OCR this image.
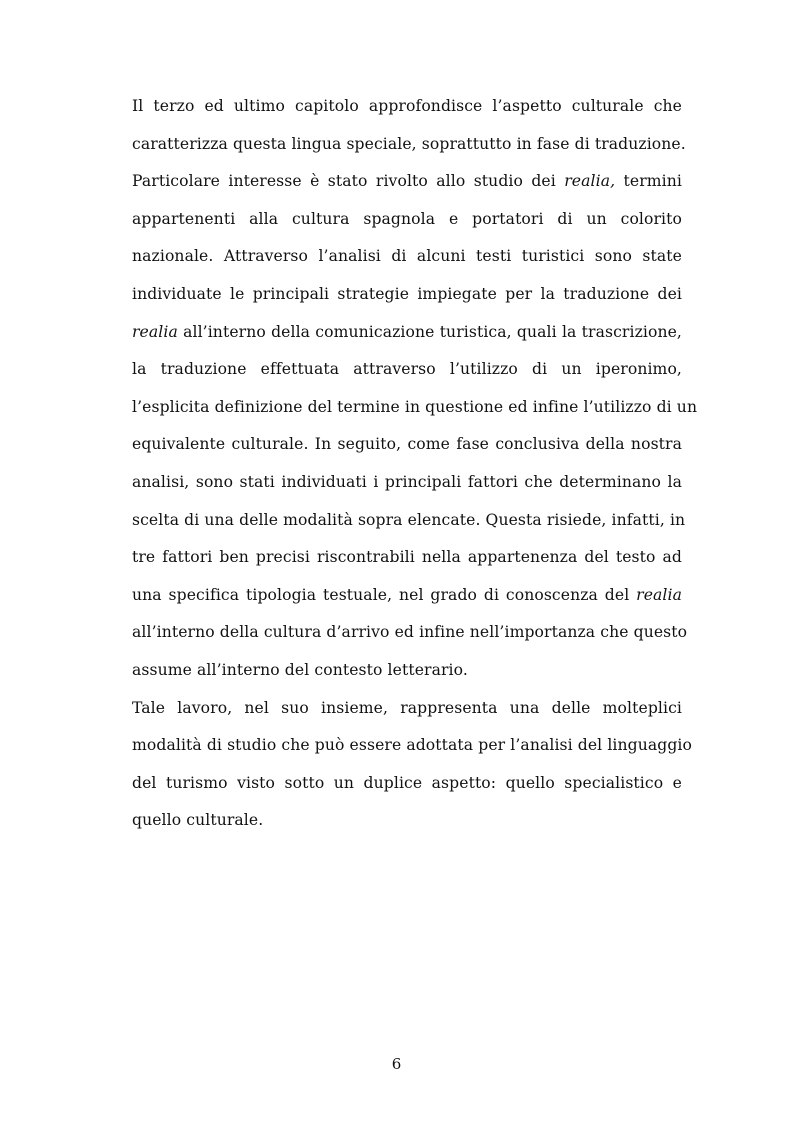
Il terzo ed ultimo capitolo approfondisce l’aspetto culturale che
caratterizza questa lingua speciale, soprattutto in fase di traduzione.
Particolare interesse è stato rivolto allo studio dei realia, termini
appartenenti alla cultura spagnola e portatori di un colorito
nazionale. Attraverso l’analisi di alcuni testi turistici sono state
individuate le principali strategie impiegate per la traduzione dei
realia all’interno della comunicazione turistica, quali la trascrizione,
la traduzione effettuata attraverso l’utilizzo di un iperonimo,
l’esplicita definizione del termine in questione ed infine l’utilizzo di un
equivalente culturale. In seguito, come fase conclusiva della nostra
analisi, sono stati individuati i principali fattori che determinano la
scelta di una delle modalità sopra elencate. Questa risiede, infatti, in
tre fattori ben precisi riscontrabili nella appartenenza del testo ad
una specifica tipologia testuale, nel grado di conoscenza del realia
all’interno della cultura d’arrivo ed infine nell’importanza che questo
assume all’interno del contesto letterario.
Tale lavoro, nel suo insieme, rappresenta una delle molteplici
modalità di studio che può essere adottata per l’analisi del linguaggio
del turismo visto sotto un duplice aspetto: quello specialistico e
quello culturale.
6
